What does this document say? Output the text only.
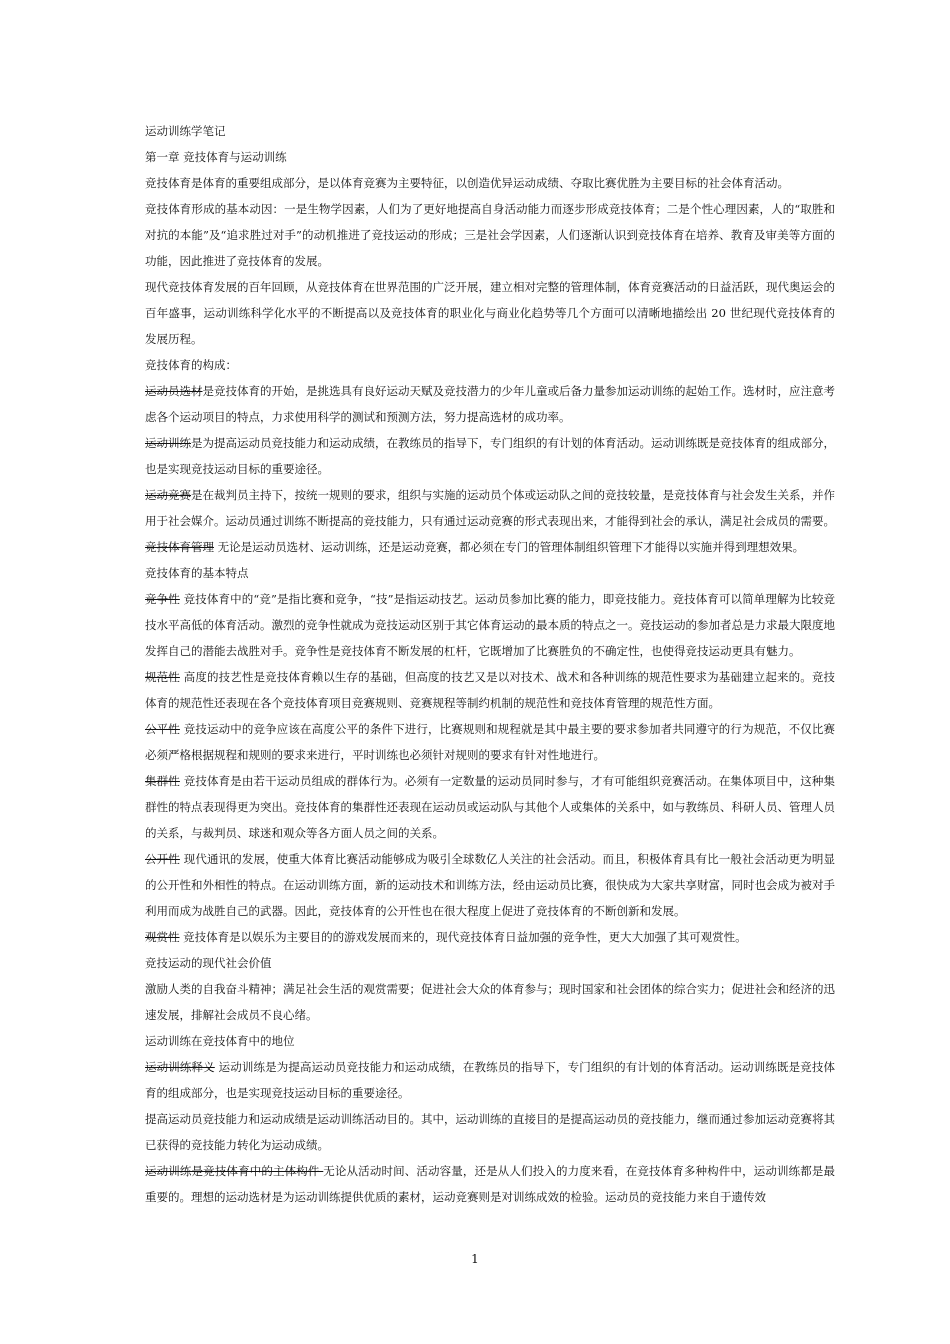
运动训练学笔记

第一章 竞技体育与运动训练

竞技体育是体育的重要组成部分，是以体育竞赛为主要特征，以创造优异运动成绩、夺取比赛优胜为主要目标的社会体育活动。

竞技体育形成的基本动因：一是生物学因素，人们为了更好地提高自身活动能力而逐步形成竞技体育；二是个性心理因素，人的“取胜和对抗的本能”及“追求胜过对手”的动机推进了竞技运动的形成；三是社会学因素，人们逐渐认识到竞技体育在培养、教育及审美等方面的功能，因此推进了竞技体育的发展。

现代竞技体育发展的百年回顾，从竞技体育在世界范围的广泛开展，建立相对完整的管理体制，体育竞赛活动的日益活跃，现代奥运会的百年盛事，运动训练科学化水平的不断提高以及竞技体育的职业化与商业化趋势等几个方面可以清晰地描绘出 20 世纪现代竞技体育的 发展历程。

竞技体育的构成：

运动员选材是竞技体育的开始，是挑选具有良好运动天赋及竞技潜力的少年儿童或后备力量参加运动训练的起始工作。选材时，应注意考虑各个运动项目的特点，力求使用科学的测试和预测方法，努力提高选材的成功率。

运动训练是为提高运动员竞技能力和运动成绩，在教练员的指导下，专门组织的有计划的体育活动。运动训练既是竞技体育的组成部分，也是实现竞技运动目标的重要途径。

运动竞赛是在裁判员主持下，按统一规则的要求，组织与实施的运动员个体或运动队之间的竞技较量，是竞技体育与社会发生关系，并作用于社会媒介。运动员通过训练不断提高的竞技能力，只有通过运动竞赛的形式表现出来，才能得到社会的承认，满足社会成员的需要。

竞技体育管理 无论是运动员选材、运动训练，还是运动竞赛，都必须在专门的管理体制组织管理下才能得以实施并得到理想效果。

竞技体育的基本特点

竞争性 竞技体育中的“竞”是指比赛和竞争，“技”是指运动技艺。运动员参加比赛的能力，即竞技能力。竞技体育可以简单理解为比较竞技水平高低的体育活动。激烈的竞争性就成为竞技运动区别于其它体育运动的最本质的特点之一。竞技运动的参加者总是力求最大限度地发挥自己的潜能去战胜对手。竞争性是竞技体育不断发展的杠杆，它既增加了比赛胜负的不确定性，也使得竞技运动更具有魅力。

规范性 高度的技艺性是竞技体育赖以生存的基础，但高度的技艺又是以对技术、战术和各种训练的规范性要求为基础建立起来的。竞技体育的规范性还表现在各个竞技体育项目竞赛规则、竞赛规程等制约机制的规范性和竞技体育管理的规范性方面。

公平性 竞技运动中的竞争应该在高度公平的条件下进行，比赛规则和规程就是其中最主要的要求参加者共同遵守的行为规范，不仅比赛必须严格根据规程和规则的要求来进行，平时训练也必须针对规则的要求有针对性地进行。

集群性 竞技体育是由若干运动员组成的群体行为。必须有一定数量的运动员同时参与，才有可能组织竞赛活动。在集体项目中，这种集群性的特点表现得更为突出。竞技体育的集群性还表现在运动员或运动队与其他个人或集体的关系中，如与教练员、科研人员、管理人员的关系，与裁判员、球迷和观众等各方面人员之间的关系。

公开性 现代通讯的发展，使重大体育比赛活动能够成为吸引全球数亿人关注的社会活动。而且，积极体育具有比一般社会活动更为明显的公开性和外相性的特点。在运动训练方面，新的运动技术和训练方法，经由运动员比赛，很快成为大家共享财富，同时也会成为被对手利用而成为战胜自己的武器。因此，竞技体育的公开性也在很大程度上促进了竞技体育的不断创新和发展。

观赏性 竞技体育是以娱乐为主要目的的游戏发展而来的，现代竞技体育日益加强的竞争性，更大大加强了其可观赏性。

竞技运动的现代社会价值

激励人类的自我奋斗精神；满足社会生活的观赏需要；促进社会大众的体育参与；现时国家和社会团体的综合实力；促进社会和经济的迅速发展，排解社会成员不良心绪。

运动训练在竞技体育中的地位

运动训练释义 运动训练是为提高运动员竞技能力和运动成绩，在教练员的指导下，专门组织的有计划的体育活动。运动训练既是竞技体育的组成部分，也是实现竞技运动目标的重要途径。

提高运动员竞技能力和运动成绩是运动训练活动目的。其中，运动训练的直接目的是提高运动员的竞技能力，继而通过参加运动竞赛将其已获得的竞技能力转化为运动成绩。

运动训练是竞技体育中的主体构件 无论从活动时间、活动容量，还是从人们投入的力度来看，在竞技体育多种构件中，运动训练都是最重要的。理想的运动选材是为运动训练提供优质的素材，运动竞赛则是对训练成效的检验。运动员的竞技能力来自于遗传效

1
